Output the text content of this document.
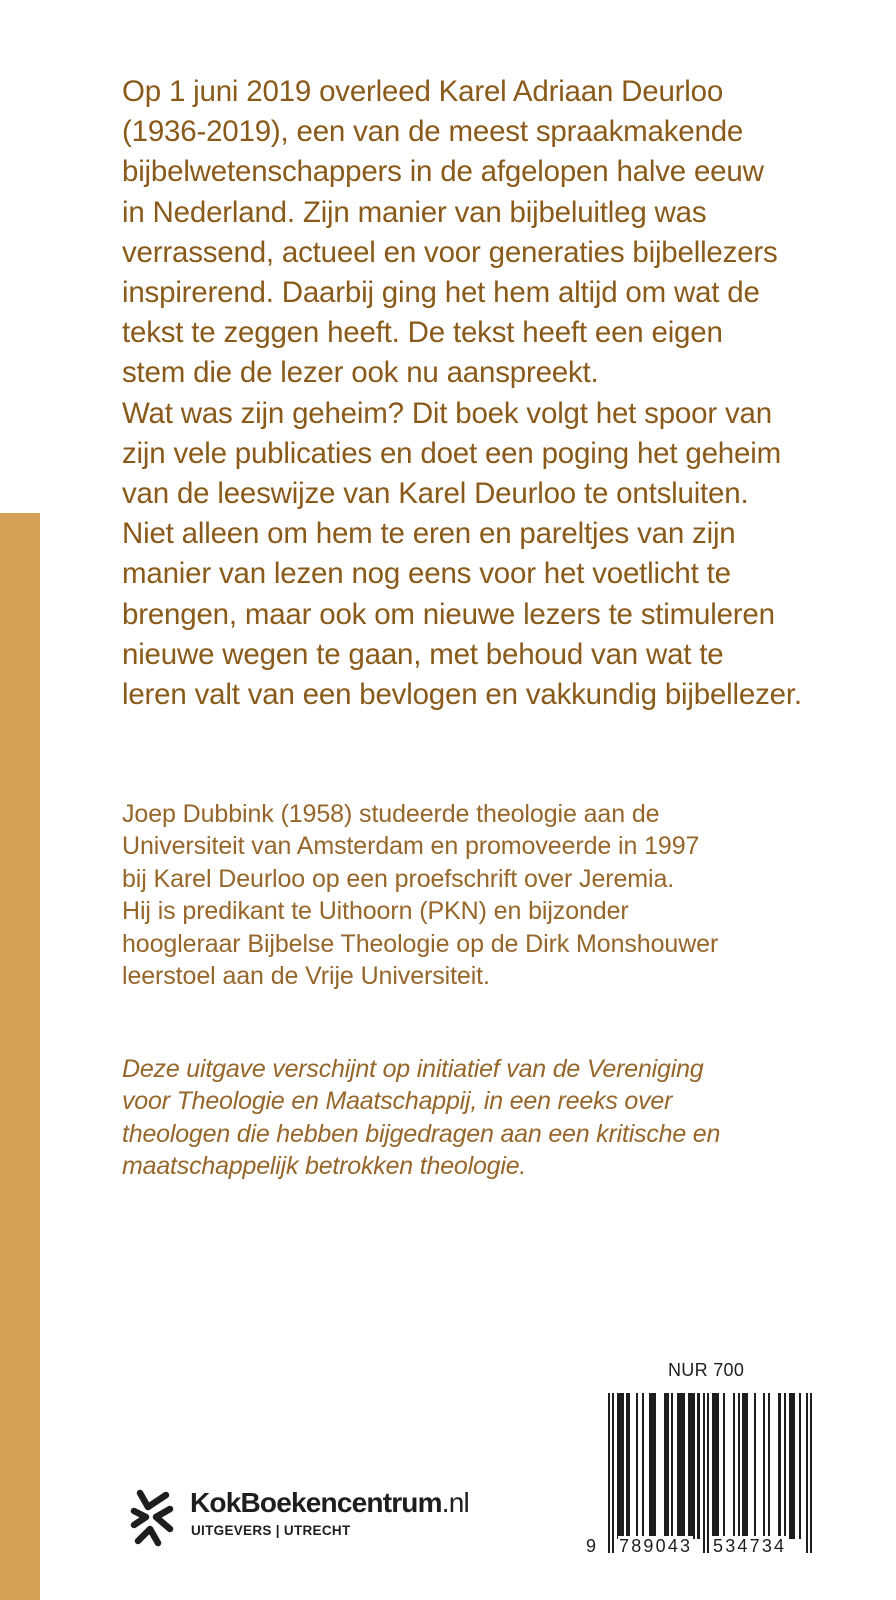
Op 1 juni 2019 overleed Karel Adriaan Deurloo
(1936-2019), een van de meest spraakmakende
bijbelwetenschappers in de afgelopen halve eeuw
in Nederland. Zijn manier van bijbeluitleg was
verrassend, actueel en voor generaties bijbellezers
inspirerend. Daarbij ging het hem altijd om wat de
tekst te zeggen heeft. De tekst heeft een eigen
stem die de lezer ook nu aanspreekt.
Wat was zijn geheim? Dit boek volgt het spoor van
zijn vele publicaties en doet een poging het geheim
van de leeswijze van Karel Deurloo te ontsluiten.
Niet alleen om hem te eren en pareltjes van zijn
manier van lezen nog eens voor het voetlicht te
brengen, maar ook om nieuwe lezers te stimuleren
nieuwe wegen te gaan, met behoud van wat te
leren valt van een bevlogen en vakkundig bijbellezer.
Joep Dubbink (1958) studeerde theologie aan de
Universiteit van Amsterdam en promoveerde in 1997
bij Karel Deurloo op een proefschrift over Jeremia.
Hij is predikant te Uithoorn (PKN) en bijzonder
hoogleraar Bijbelse Theologie op de Dirk Monshouwer
leerstoel aan de Vrije Universiteit.
Deze uitgave verschijnt op initiatief van de Vereniging
voor Theologie en Maatschappij, in een reeks over
theologen die hebben bijgedragen aan een kritische en
maatschappelijk betrokken theologie.
KokBoekencentrum.nl
UITGEVERS | UTRECHT
NUR 700
9 789043 534734
